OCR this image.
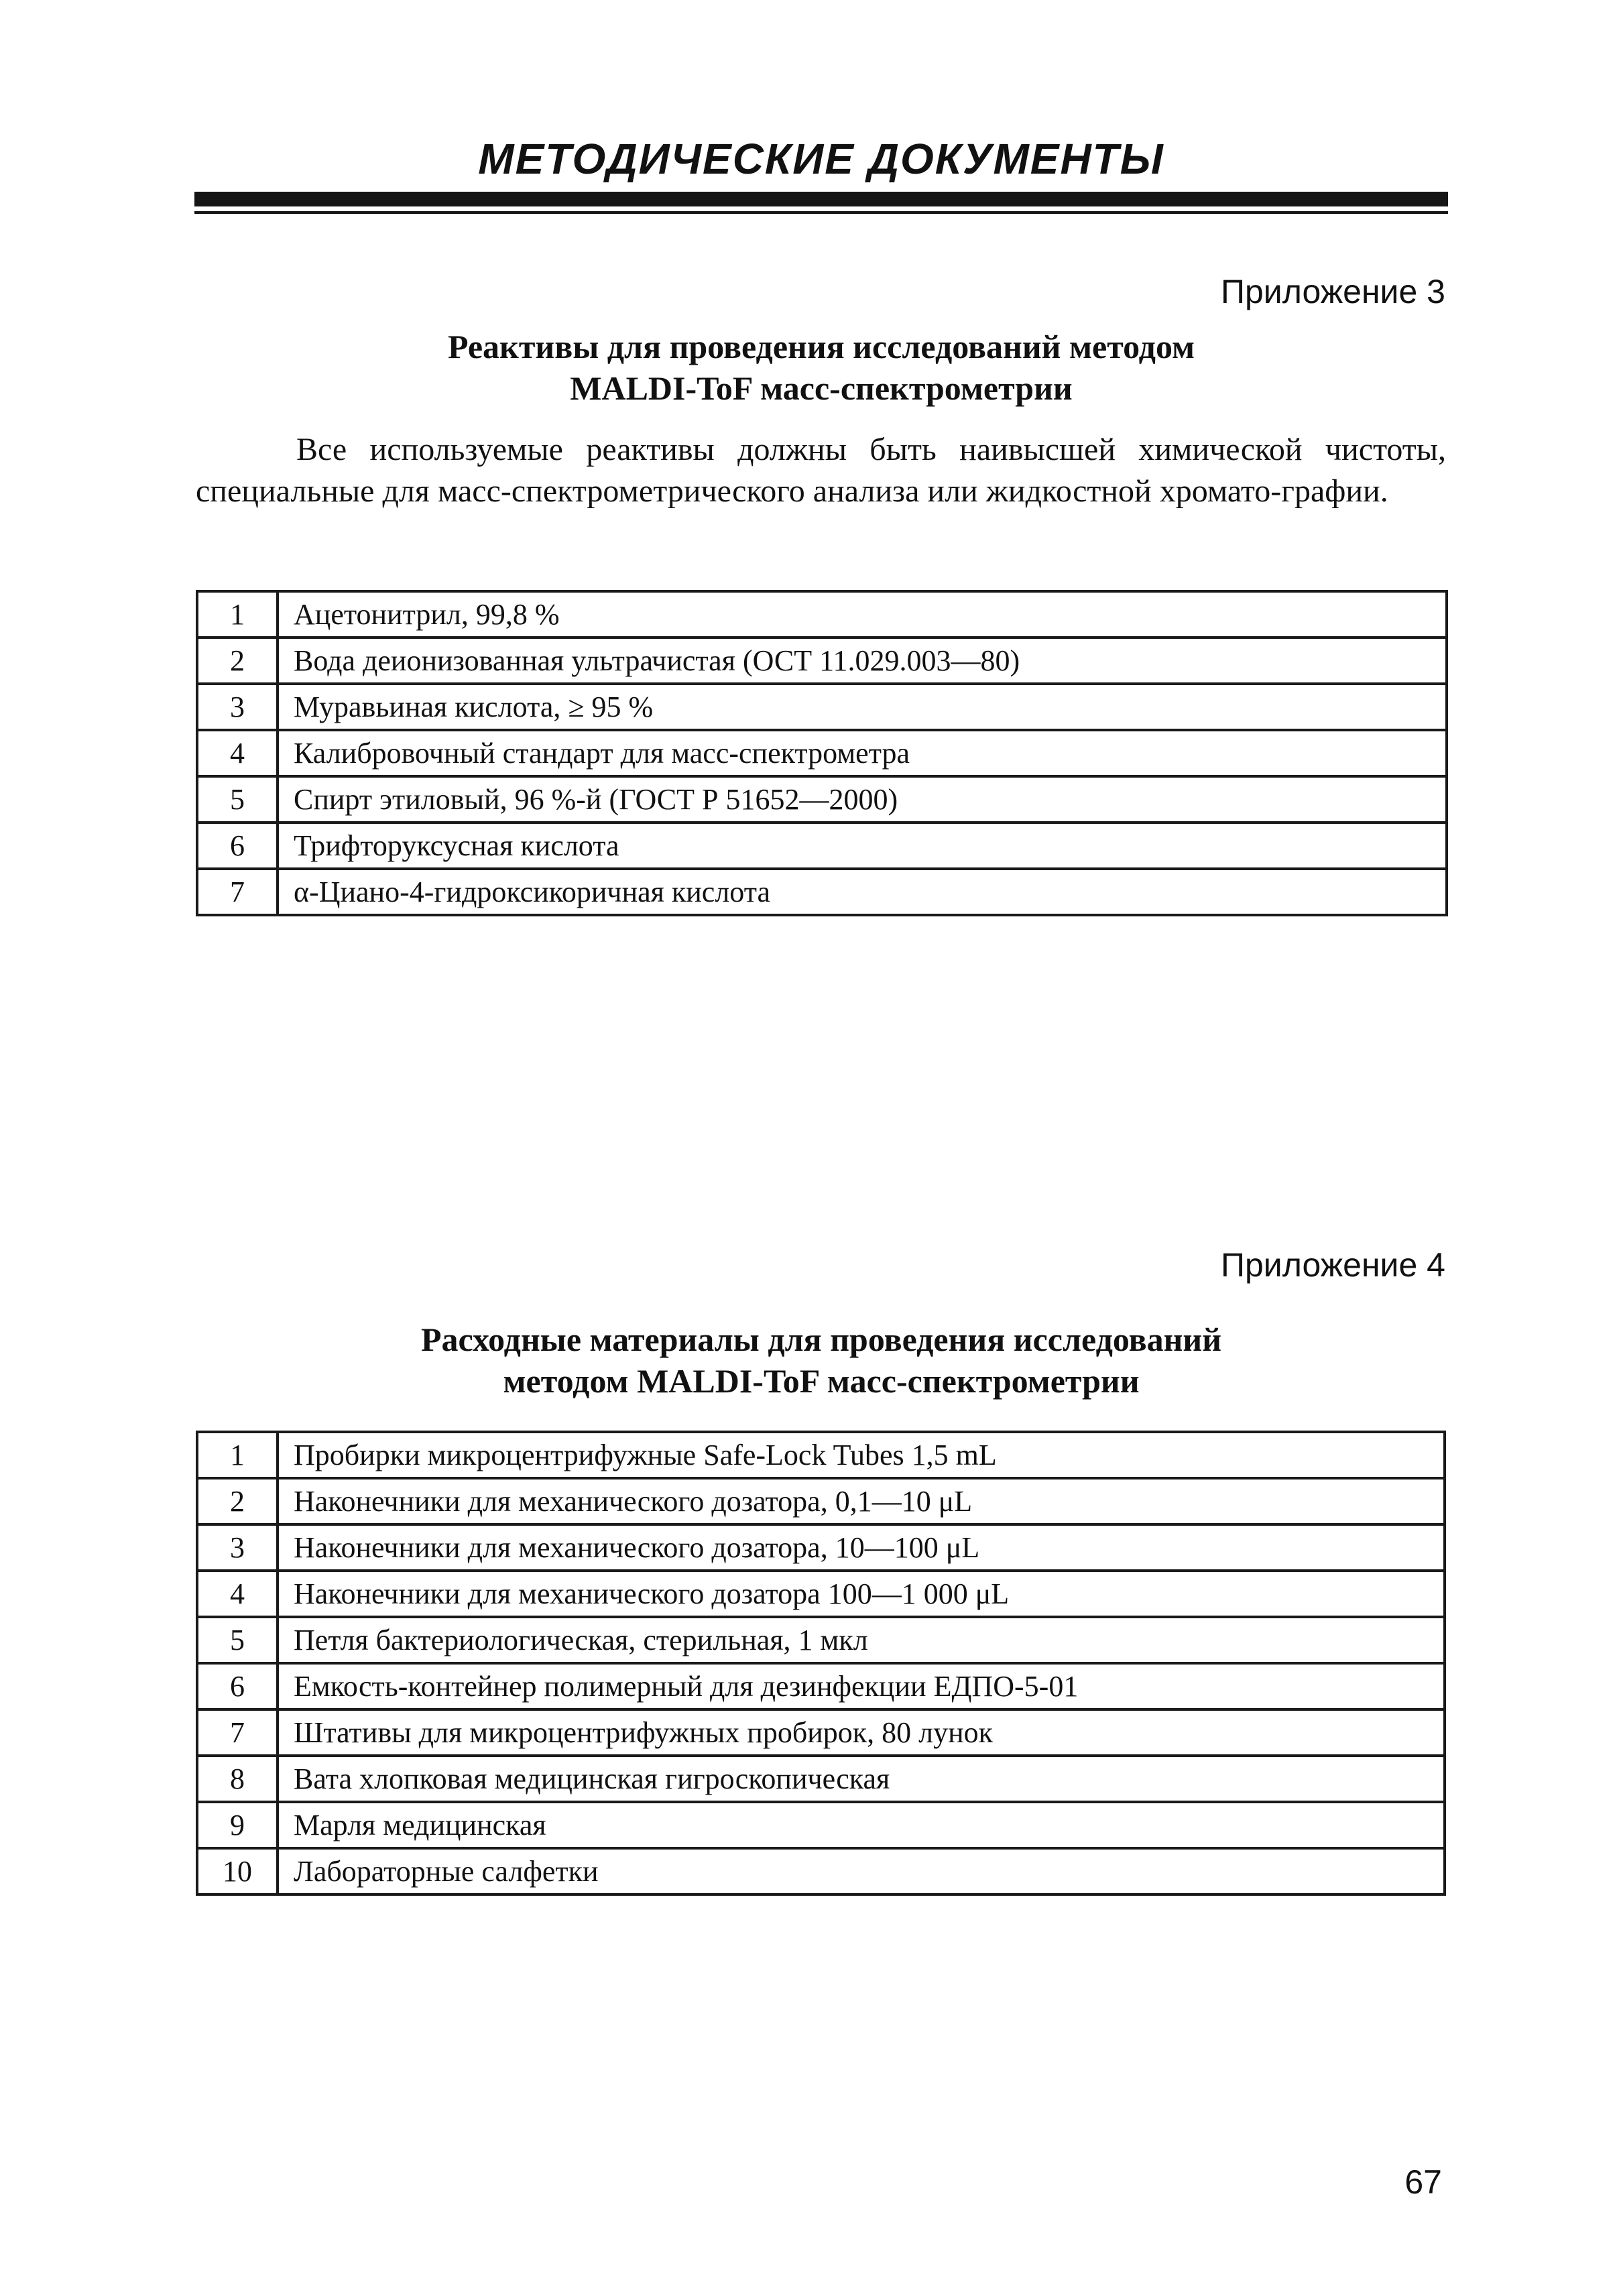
МЕТОДИЧЕСКИЕ ДОКУМЕНТЫ
Приложение 3
Реактивы для проведения исследований методом
MALDI-ToF масс-спектрометрии
Все используемые реактивы должны быть наивысшей химической чистоты, специальные для масс-спектрометрического анализа или жидкостной хромато-графии.
1	Ацетонитрил, 99,8 %
2	Вода деионизованная ультрачистая (ОСТ 11.029.003—80)
3	Муравьиная кислота, ≥ 95 %
4	Калибровочный стандарт для масс-спектрометра
5	Спирт этиловый, 96 %-й (ГОСТ Р 51652—2000)
6	Трифторуксусная кислота
7	α-Циано-4-гидроксикоричная кислота
Приложение 4
Расходные материалы для проведения исследований
методом MALDI-ToF масс-спектрометрии
1	Пробирки микроцентрифужные Safe-Lock Tubes 1,5 mL
2	Наконечники для механического дозатора, 0,1—10 μL
3	Наконечники для механического дозатора, 10—100 μL
4	Наконечники для механического дозатора 100—1 000 μL
5	Петля бактериологическая, стерильная, 1 мкл
6	Емкость-контейнер полимерный для дезинфекции ЕДПО-5-01
7	Штативы для микроцентрифужных пробирок, 80 лунок
8	Вата хлопковая медицинская гигроскопическая
9	Марля медицинская
10	Лабораторные салфетки
67
